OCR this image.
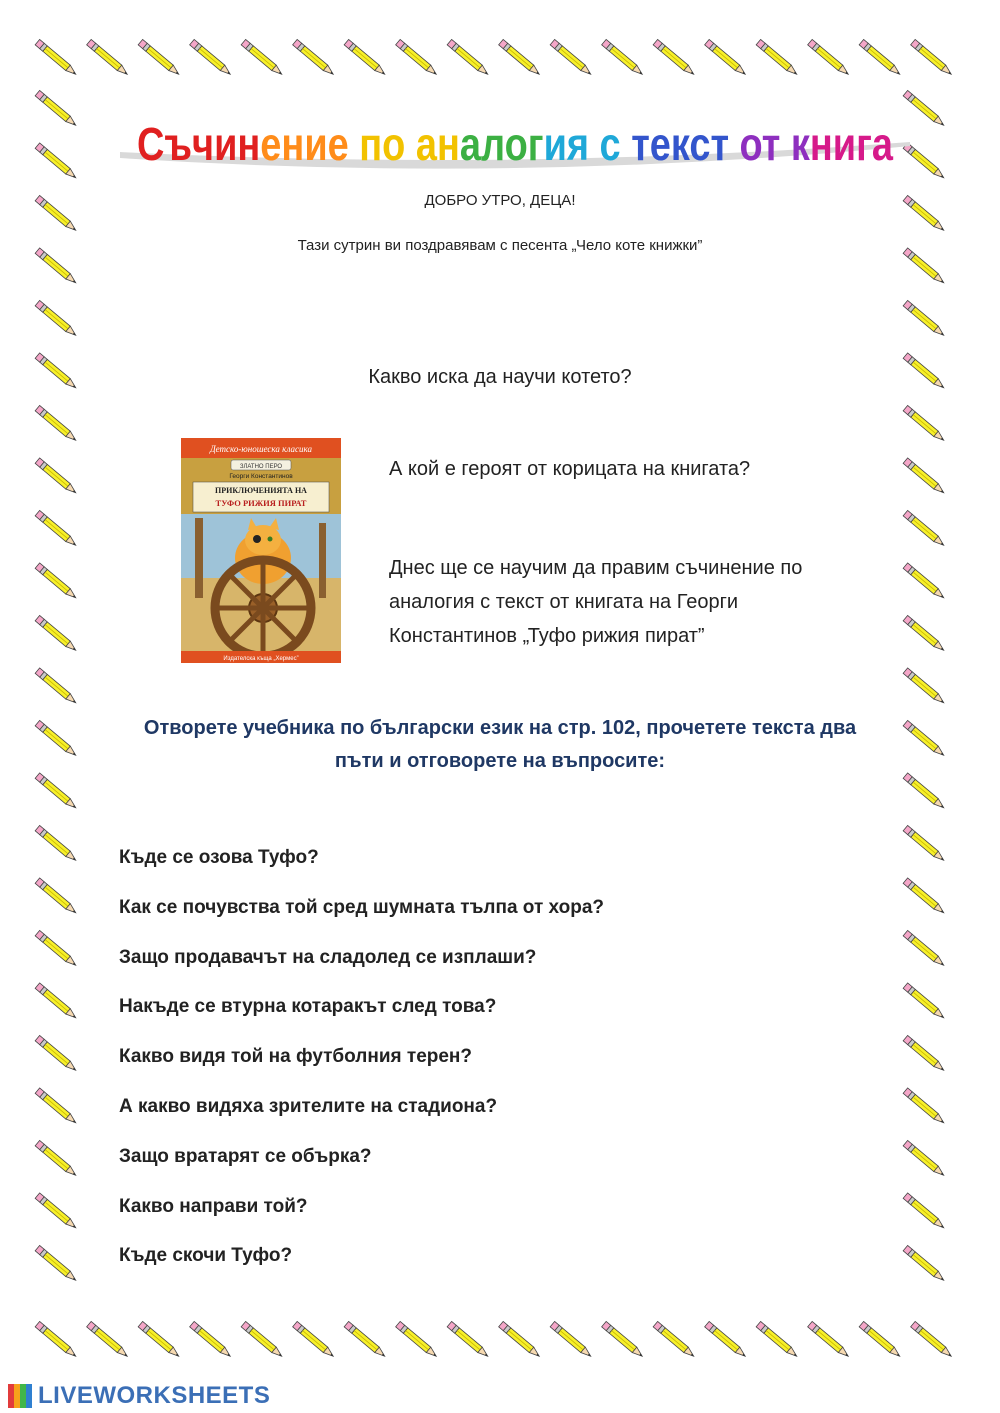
Съчинение по аналогия с текст от книга
ДОБРО УТРО, ДЕЦА!
Тази сутрин ви поздравявам с песента „Чело коте книжки”
Какво иска да научи котето?
Детско-юношеска класика
ЗЛАТНО ПЕРО
Георги Константинов
ПРИКЛЮЧЕНИЯТА НА
ТУФО РИЖИЯ ПИРАТ
Издателска къща „Хермес”
А кой е героят от корицата на книгата?
Днес ще се научим да правим съчинение по
аналогия с текст от книгата на Георги
Константинов „Туфо рижия пират”
Отворете учебника по български език на стр. 102, прочетете текста два
пъти и отговорете на въпросите:
Къде се озова Туфо?
Как се почувства той сред шумната тълпа от хора?
Защо продавачът на сладолед се изплаши?
Накъде се втурна котаракът след това?
Какво видя той на футболния терен?
А какво видяха зрителите на стадиона?
Защо вратарят се обърка?
Какво направи той?
Къде скочи Туфо?
LIVEWORKSHEETS
